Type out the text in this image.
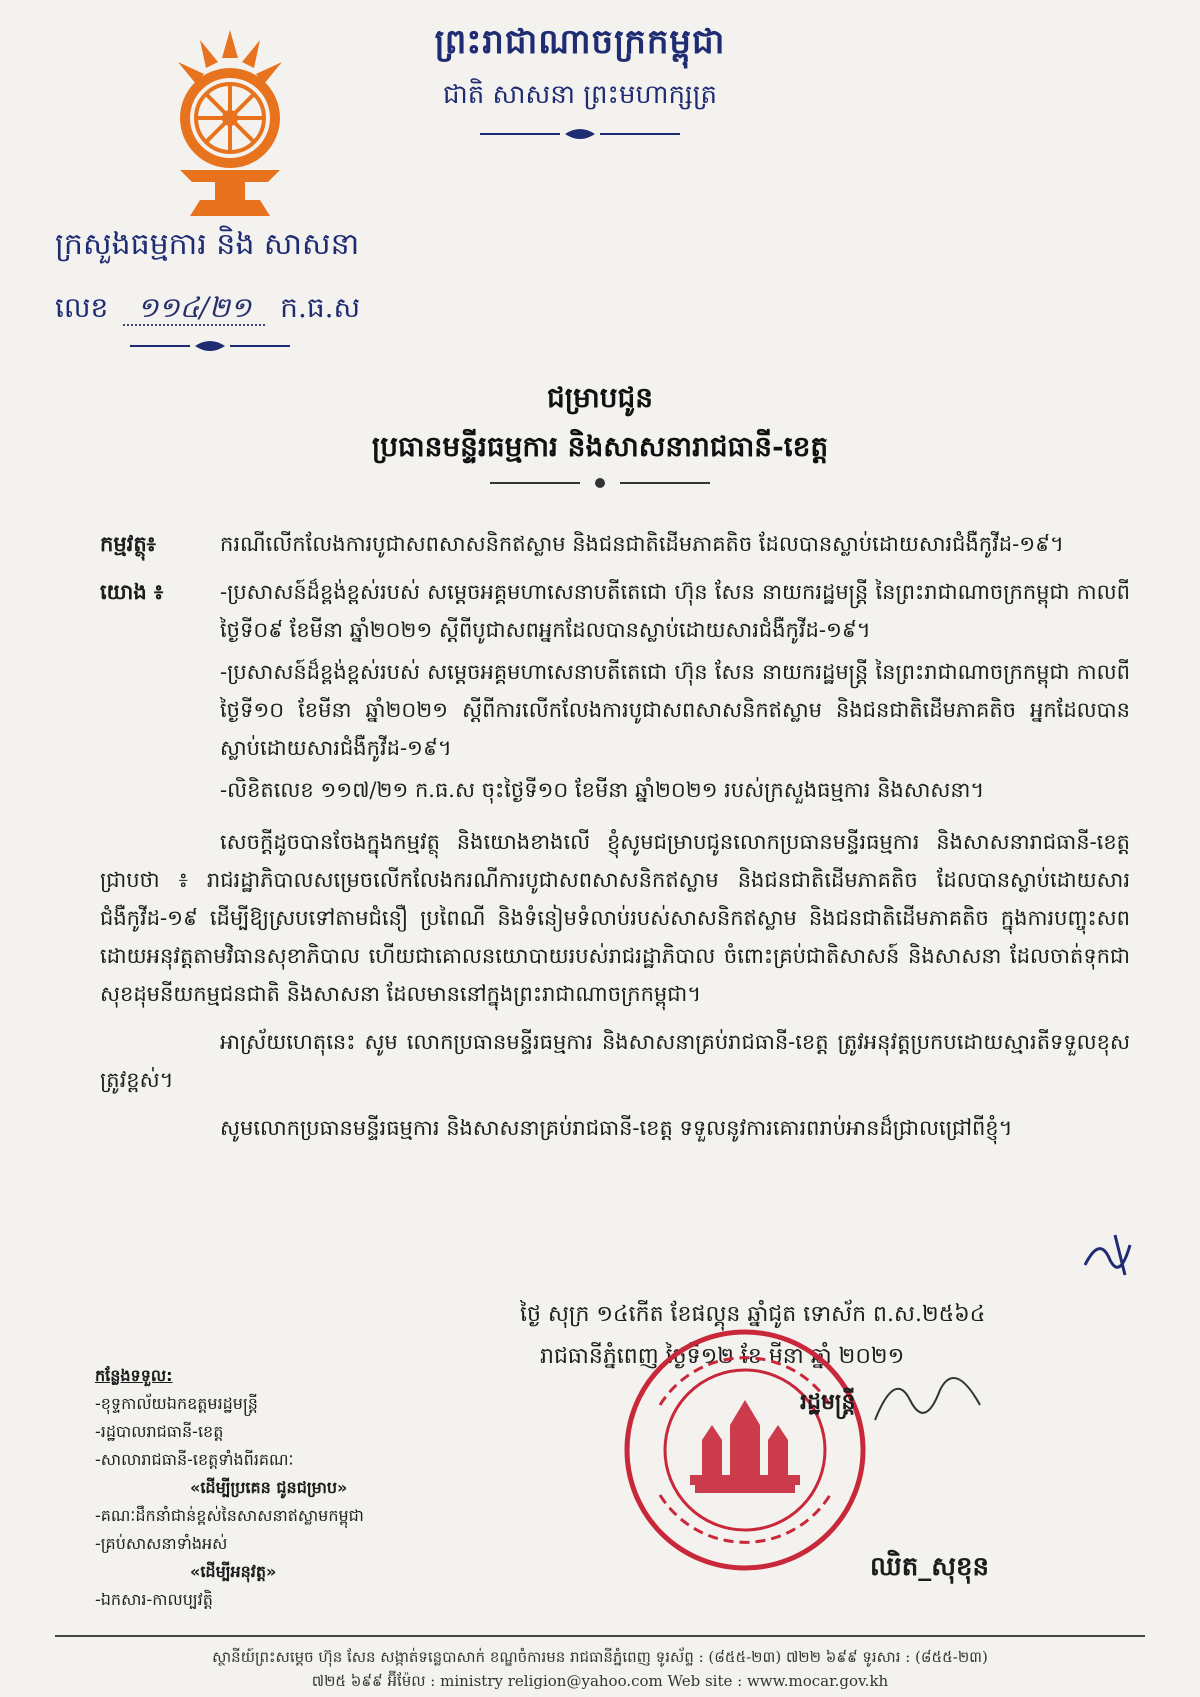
ព្រះរាជាណាចក្រកម្ពុជា
ជាតិ សាសនា ព្រះមហាក្សត្រ
ក្រសួងធម្មការ និង សាសនា
លេខ ១១៤/២១ ក.ធ.ស
ជម្រាបជូន
ប្រធានមន្ទីរធម្មការ និងសាសនារាជធានី-ខេត្ត
កម្មវត្ថុ៖	ករណីលើកលែងការបូជាសពសាសនិកឥស្លាម និងជនជាតិដើមភាគតិច ដែលបានស្លាប់ដោយសារជំងឺកូវីដ-១៩។
យោង ៖	-ប្រសាសន៍ដ៏ខ្ពង់ខ្ពស់របស់ សម្តេចអគ្គមហាសេនាបតីតេជោ ហ៊ុន សែន នាយករដ្ឋមន្ត្រី នៃព្រះរាជាណាចក្រកម្ពុជា កាលពីថ្ងៃទី០៩ ខែមីនា ឆ្នាំ២០២១ ស្តីពីបូជាសពអ្នកដែលបានស្លាប់ដោយសារជំងឺកូវីដ-១៩។
-ប្រសាសន៍ដ៏ខ្ពង់ខ្ពស់របស់ សម្តេចអគ្គមហាសេនាបតីតេជោ ហ៊ុន សែន នាយករដ្ឋមន្ត្រី នៃព្រះរាជាណាចក្រកម្ពុជា កាលពីថ្ងៃទី១០ ខែមីនា ឆ្នាំ២០២១ ស្តីពីការលើកលែងការបូជាសពសាសនិកឥស្លាម និងជនជាតិដើមភាគតិច អ្នកដែលបានស្លាប់ដោយសារជំងឺកូវីដ-១៩។
-លិខិតលេខ ១១៧/២១ ក.ធ.ស ចុះថ្ងៃទី១០ ខែមីនា ឆ្នាំ២០២១ របស់ក្រសួងធម្មការ និងសាសនា។

សេចក្តីដូចបានចែងក្នុងកម្មវត្ថុ និងយោងខាងលើ ខ្ញុំសូមជម្រាបជូនលោកប្រធានមន្ទីរធម្មការ និងសាសនារាជធានី-ខេត្តជ្រាបថា ៖ រាជរដ្ឋាភិបាលសម្រេចលើកលែងករណីការបូជាសពសាសនិកឥស្លាម និងជនជាតិដើមភាគតិច ដែលបានស្លាប់ដោយសារជំងឺកូវីដ-១៩ ដើម្បីឱ្យស្របទៅតាមជំនឿ ប្រពៃណី និងទំនៀមទំលាប់របស់សាសនិកឥស្លាម និងជនជាតិដើមភាគតិច ក្នុងការបញ្ចុះសពដោយអនុវត្តតាមវិធានសុខាភិបាល ហើយជាគោលនយោបាយរបស់រាជរដ្ឋាភិបាល ចំពោះគ្រប់ជាតិសាសន៍ និងសាសនា ដែលចាត់ទុកជាសុខដុមនីយកម្មជនជាតិ និងសាសនា ដែលមាននៅក្នុងព្រះរាជាណាចក្រកម្ពុជា។

អាស្រ័យហេតុនេះ សូម លោកប្រធានមន្ទីរធម្មការ និងសាសនាគ្រប់រាជធានី-ខេត្ត ត្រូវអនុវត្តប្រកបដោយស្មារតីទទួលខុសត្រូវខ្ពស់។

សូមលោកប្រធានមន្ទីរធម្មការ និងសាសនាគ្រប់រាជធានី-ខេត្ត ទទួលនូវការគោរពរាប់អានដ៏ជ្រាលជ្រៅពីខ្ញុំ។
ថ្ងៃ សុក្រ ១៤កើត ខែផល្គុន ឆ្នាំជូត ទោស័ក ព.ស.២៥៦៤
រាជធានីភ្នំពេញ ថ្ងៃទី១២ ខែ មីនា ឆ្នាំ ២០២១
រដ្ឋមន្ត្រី
ឈិត_សុខុន
កន្លែងទទួល:
-ខុទ្ទកាល័យឯកឧត្តមរដ្ឋមន្ត្រី
-រដ្ឋបាលរាជធានី-ខេត្ត
-សាលារាជធានី-ខេត្តទាំងពីរគណៈ
«ដើម្បីប្រគេន ជូនជម្រាប»
-គណៈដឹកនាំជាន់ខ្ពស់នៃសាសនាឥស្លាមកម្ពុជា
-គ្រប់សាសនាទាំងអស់
«ដើម្បីអនុវត្ត»
-ឯកសារ-កាលប្បវត្តិ
ស្ថានីយ៍ព្រះសម្តេច ហ៊ុន សែន សង្កាត់ទន្លេបាសាក់ ខណ្ឌចំការមន រាជធានីភ្នំពេញ ទូរស័ព្ទ : (៨៥៥-២៣) ៧២២ ៦៩៩ ទូរសារ : (៨៥៥-២៣)
៧២៥ ៦៩៩ អ៊ីម៉ែល : ministry religion@yahoo.com Web site : www.mocar.gov.kh
